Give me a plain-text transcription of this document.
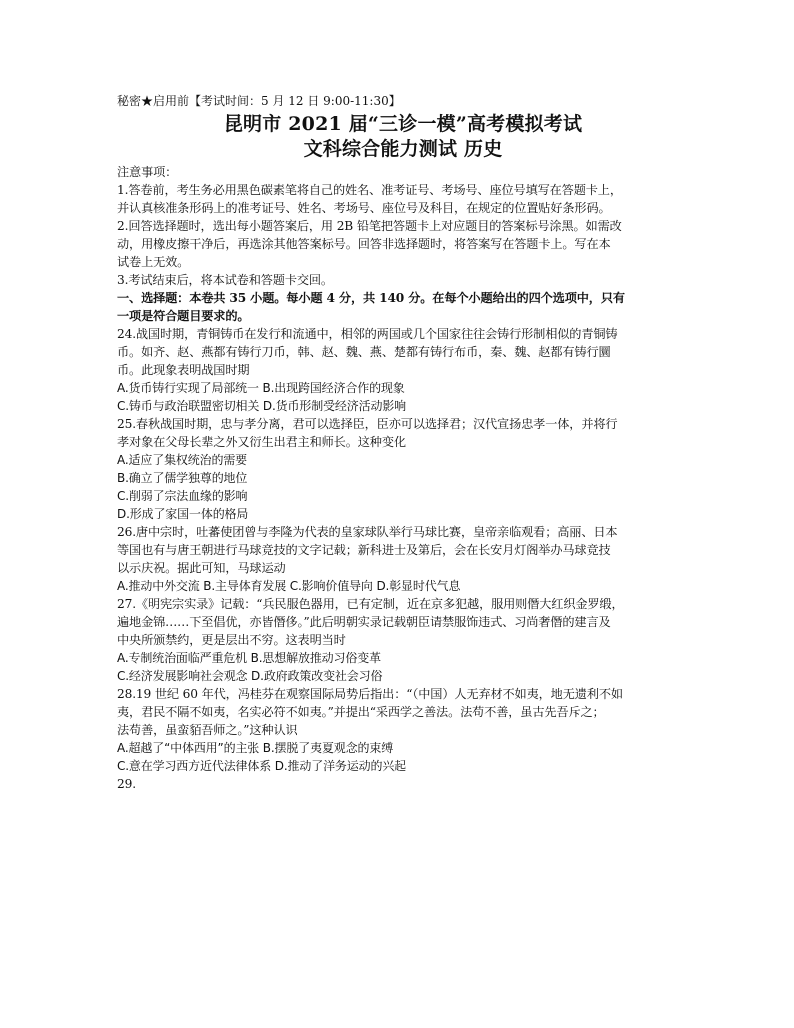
秘密★启用前【考试时间：5 月 12 日 9:00-11:30】
昆明市 2021 届“三诊一模”高考模拟考试
文科综合能力测试 历史
注意事项：
1.答卷前，考生务必用黑色碳素笔将自己的姓名、准考证号、考场号、座位号填写在答题卡上，
并认真核准条形码上的准考证号、姓名、考场号、座位号及科目，在规定的位置贴好条形码。
2.回答选择题时，选出每小题答案后，用 2B 铅笔把答题卡上对应题目的答案标号涂黑。如需改
动，用橡皮擦干净后，再选涂其他答案标号。回答非选择题时，将答案写在答题卡上。写在本
试卷上无效。
3.考试结束后，将本试卷和答题卡交回。
一、选择题：本卷共 35 小题。每小题 4 分，共 140 分。在每个小题给出的四个选项中，只有
一项是符合题目要求的。
24.战国时期，青铜铸币在发行和流通中，相邻的两国或几个国家往往会铸行形制相似的青铜铸
币。如齐、赵、燕都有铸行刀币，韩、赵、魏、燕、楚都有铸行布币，秦、魏、赵都有铸行圜
币。此现象表明战国时期
A.货币铸行实现了局部统一 B.出现跨国经济合作的现象
C.铸币与政治联盟密切相关 D.货币形制受经济活动影响
25.春秋战国时期，忠与孝分离，君可以选择臣，臣亦可以选择君；汉代宣扬忠孝一体，并将行
孝对象在父母长辈之外又衍生出君主和师长。这种变化
A.适应了集权统治的需要
B.确立了儒学独尊的地位
C.削弱了宗法血缘的影响
D.形成了家国一体的格局
26.唐中宗时，吐蕃使团曾与李隆为代表的皇家球队举行马球比赛，皇帝亲临观看；高丽、日本
等国也有与唐王朝进行马球竞技的文字记载；新科进士及第后，会在长安月灯阁举办马球竞技
以示庆祝。据此可知，马球运动
A.推动中外交流 B.主导体育发展 C.影响价值导向 D.彰显时代气息
27.《明宪宗实录》记载：“兵民服色器用，已有定制，近在京多犯越，服用则僭大红织金罗缎，
遍地金锦……下至倡优，亦皆僭侈。”此后明朝实录记载朝臣请禁服饰违式、习尚奢僭的建言及
中央所颁禁约，更是层出不穷。这表明当时
A.专制统治面临严重危机 B.思想解放推动习俗变革
C.经济发展影响社会观念 D.政府政策改变社会习俗
28.19 世纪 60 年代，冯桂芬在观察国际局势后指出：“（中国）人无弃材不如夷，地无遗利不如
夷，君民不隔不如夷，名实必符不如夷。”并提出“采西学之善法。法苟不善，虽古先吾斥之；
法苟善，虽蛮貊吾师之。”这种认识
A.超越了“中体西用”的主张 B.摆脱了夷夏观念的束缚
C.意在学习西方近代法律体系 D.推动了洋务运动的兴起
29.
